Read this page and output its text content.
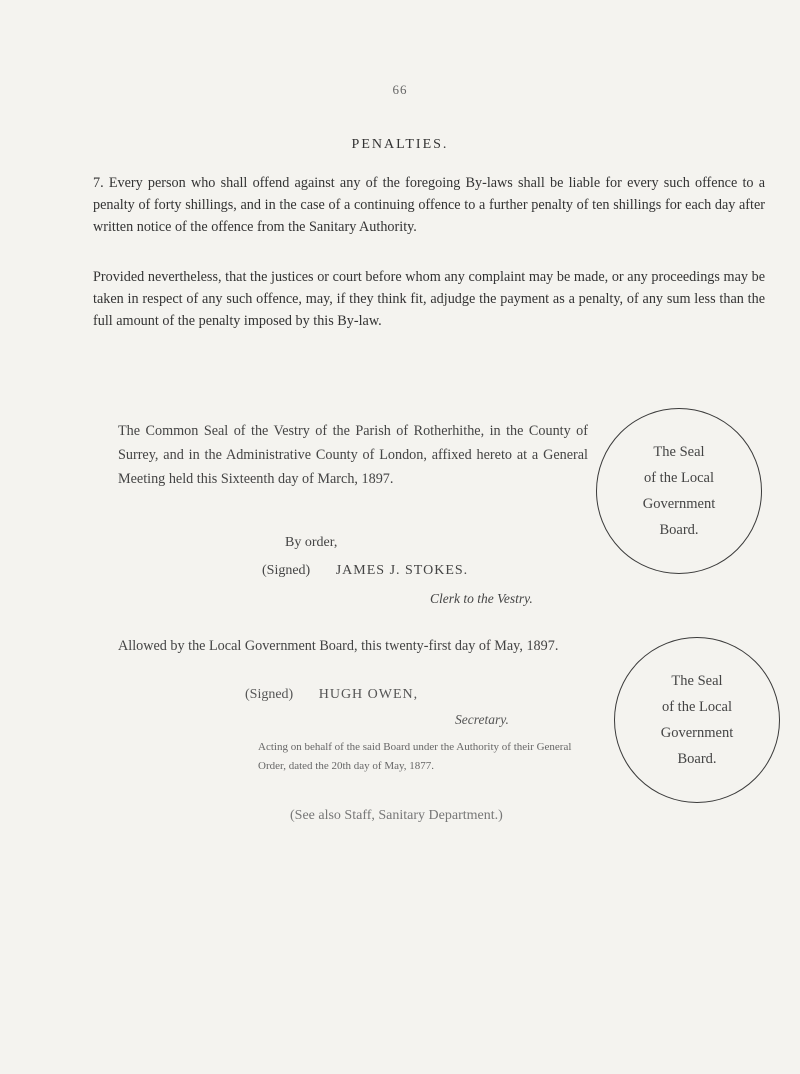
66
PENALTIES.

7. Every person who shall offend against any of the foregoing By-laws shall be liable for every such offence to a penalty of forty shillings, and in the case of a continuing offence to a further penalty of ten shillings for each day after written notice of the offence from the Sanitary Authority.

Provided nevertheless, that the justices or court before whom any complaint may be made, or any proceedings may be taken in respect of any such offence, may, if they think fit, adjudge the payment as a penalty, of any sum less than the full amount of the penalty imposed by this By-law.

The Common Seal of the Vestry of the Parish of Rotherhithe, in the County of Surrey, and in the Administrative County of London, affixed hereto at a General Meeting held this Sixteenth day of March, 1897.
By order,
(Signed) JAMES J. STOKES.
Clerk to the Vestry.
Allowed by the Local Government Board, this twenty-first day of May, 1897.
(Signed) HUGH OWEN,
Secretary.
Acting on behalf of the said Board under the Authority of their General Order, dated the 20th day of May, 1877.
(See also Staff, Sanitary Department.)
The Seal
of the Local
Government
Board.
The Seal
of the Local
Government
Board.
